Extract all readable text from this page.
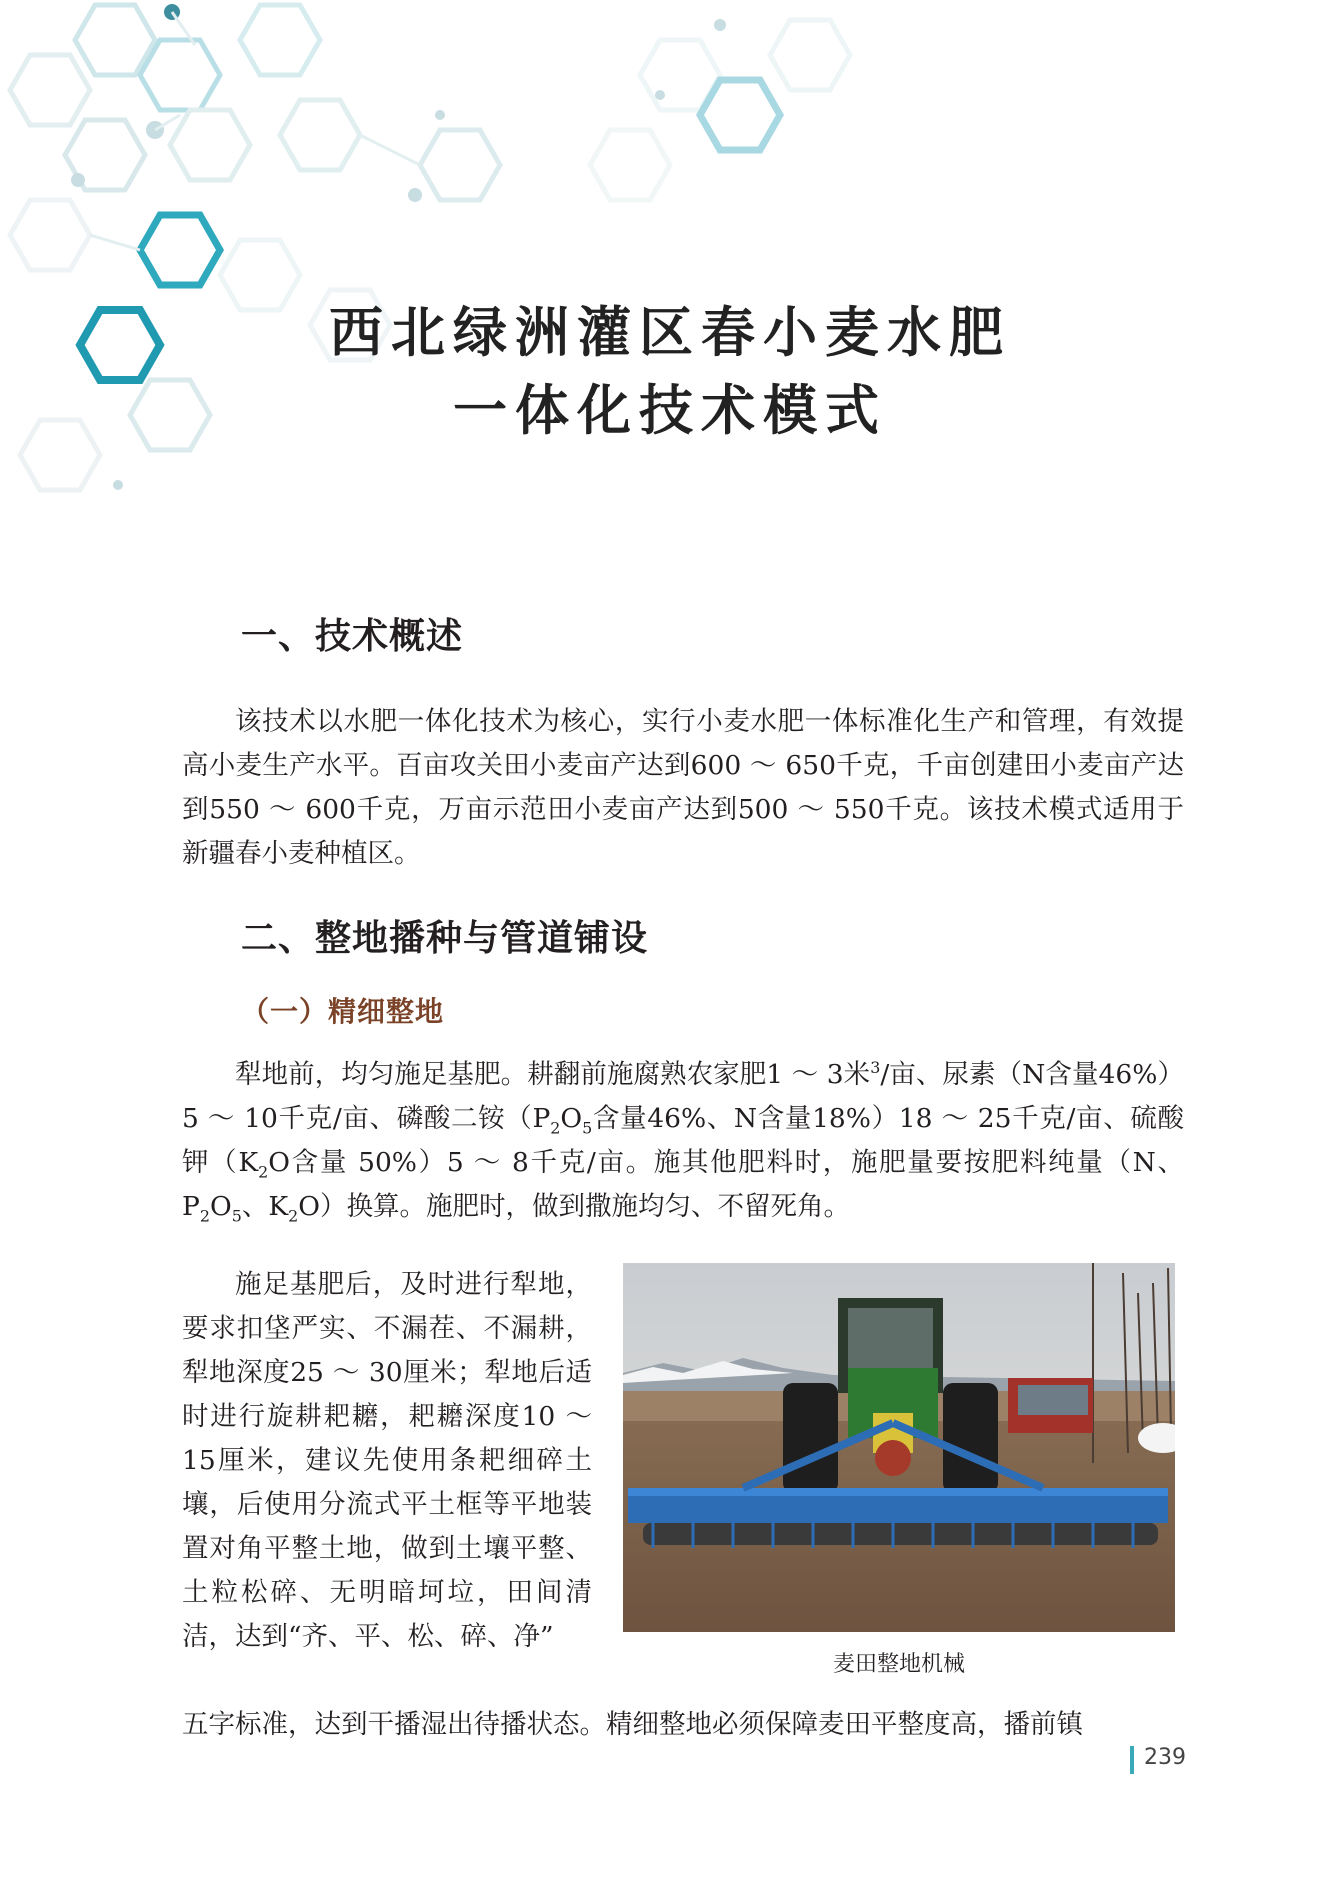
西北绿洲灌区春小麦水肥
一体化技术模式
一、技术概述

该技术以水肥一体化技术为核心，实行小麦水肥一体标准化生产和管理，有效提高小麦生产水平。百亩攻关田小麦亩产达到600 ～ 650千克，千亩创建田小麦亩产达到550 ～ 600千克，万亩示范田小麦亩产达到500 ～ 550千克。该技术模式适用于新疆春小麦种植区。

二、整地播种与管道铺设
（一）精细整地

犁地前，均匀施足基肥。耕翻前施腐熟农家肥1 ～ 3米$^3$/亩、尿素（N含量46%）5 ～ 10千克/亩、磷酸二铵（$P_2O_5$含量46%、N含量18%）18 ～ 25千克/亩、硫酸钾（$K_2O$含量 50%）5 ～ 8千克/亩。施其他肥料时，施肥量要按肥料纯量（N、$P_2O_5$、$K_2O$）换算。施肥时，做到撒施均匀、不留死角。

施足基肥后，及时进行犁地，要求扣垡严实、不漏茬、不漏耕，犁地深度25 ～ 30厘米；犁地后适时进行旋耕耙耱，耙耱深度10 ～ 15厘米，建议先使用条耙细碎土壤，后使用分流式平土框等平地装置对角平整土地，做到土壤平整、土粒松碎、无明暗坷垃，田间清洁，达到“齐、平、松、碎、净”

麦田整地机械

五字标准，达到干播湿出待播状态。精细整地必须保障麦田平整度高，播前镇

239
